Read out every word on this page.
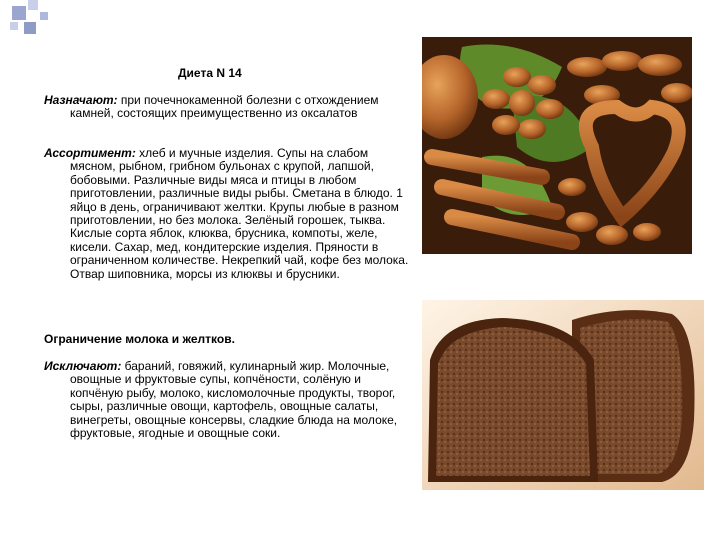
Диета N 14
Назначают: при почечнокаменной болезни с отхождением камней, состоящих преимущественно из оксалатов
Ассортимент: хлеб и мучные изделия. Супы на слабом мясном, рыбном, грибном бульонах с крупой, лапшой, бобовыми. Различные виды мяса и птицы в любом приготовлении, различные виды рыбы. Сметана в блюдо. 1 яйцо в день, ограничивают желтки. Крупы любые в разном приготовлении, но без молока. Зелёный горошек, тыква. Кислые сорта яблок, клюква, брусника, компоты, желе, кисели. Сахар, мед, кондитерские изделия. Пряности в ограниченном количестве. Некрепкий чай, кофе без молока. Отвар шиповника, морсы из клюквы и брусники.
Ограничение молока и желтков.
Исключают: бараний, говяжий, кулинарный жир. Молочные, овощные и фруктовые супы, копчёности, солёную и копчёную рыбу, молоко, кисломолочные продукты, творог, сыры, различные овощи, картофель, овощные салаты, винегреты, овощные консервы, сладкие блюда на молоке, фруктовые, ягодные и овощные соки.
